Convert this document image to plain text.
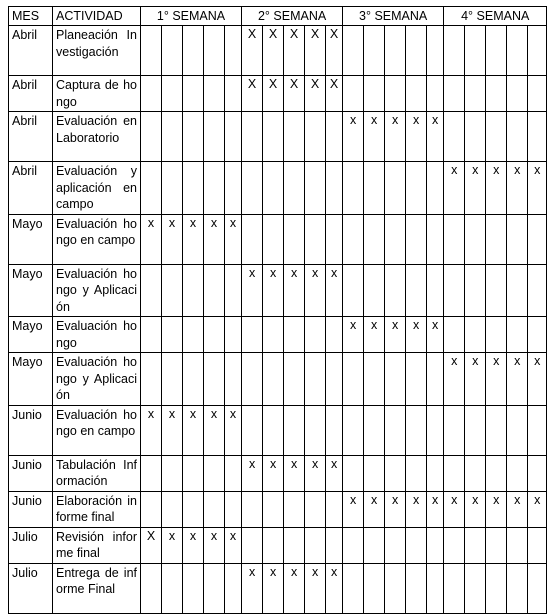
MES	ACTIVIDAD	1° SEMANA					2° SEMANA					3° SEMANA					4° SEMANA				
Abril	Planeación Investigación						X	X	X	X	X										
Abril	Captura de hongo						X	X	X	X	X										
Abril	Evaluación en Laboratorio											x	x	x	x	x					
Abril	Evaluación y aplicación en campo																x	x	x	x	x
Mayo	Evaluación hongo en campo	x	x	x	x	x															
Mayo	Evaluación hongo y Aplicación						x	x	x	x	x										
Mayo	Evaluación hongo											x	x	x	x	x					
Mayo	Evaluación hongo y Aplicación																x	x	x	x	x
Junio	Evaluación hongo en campo	x	x	x	x	x															
Junio	Tabulación Información						x	x	x	x	x										
Junio	Elaboración informe final											x	x	x	x	x	x	x	x	x	x
Julio	Revisión informe final	X	x	x	x	x															
Julio	Entrega de informe Final						x	x	x	x	x										
